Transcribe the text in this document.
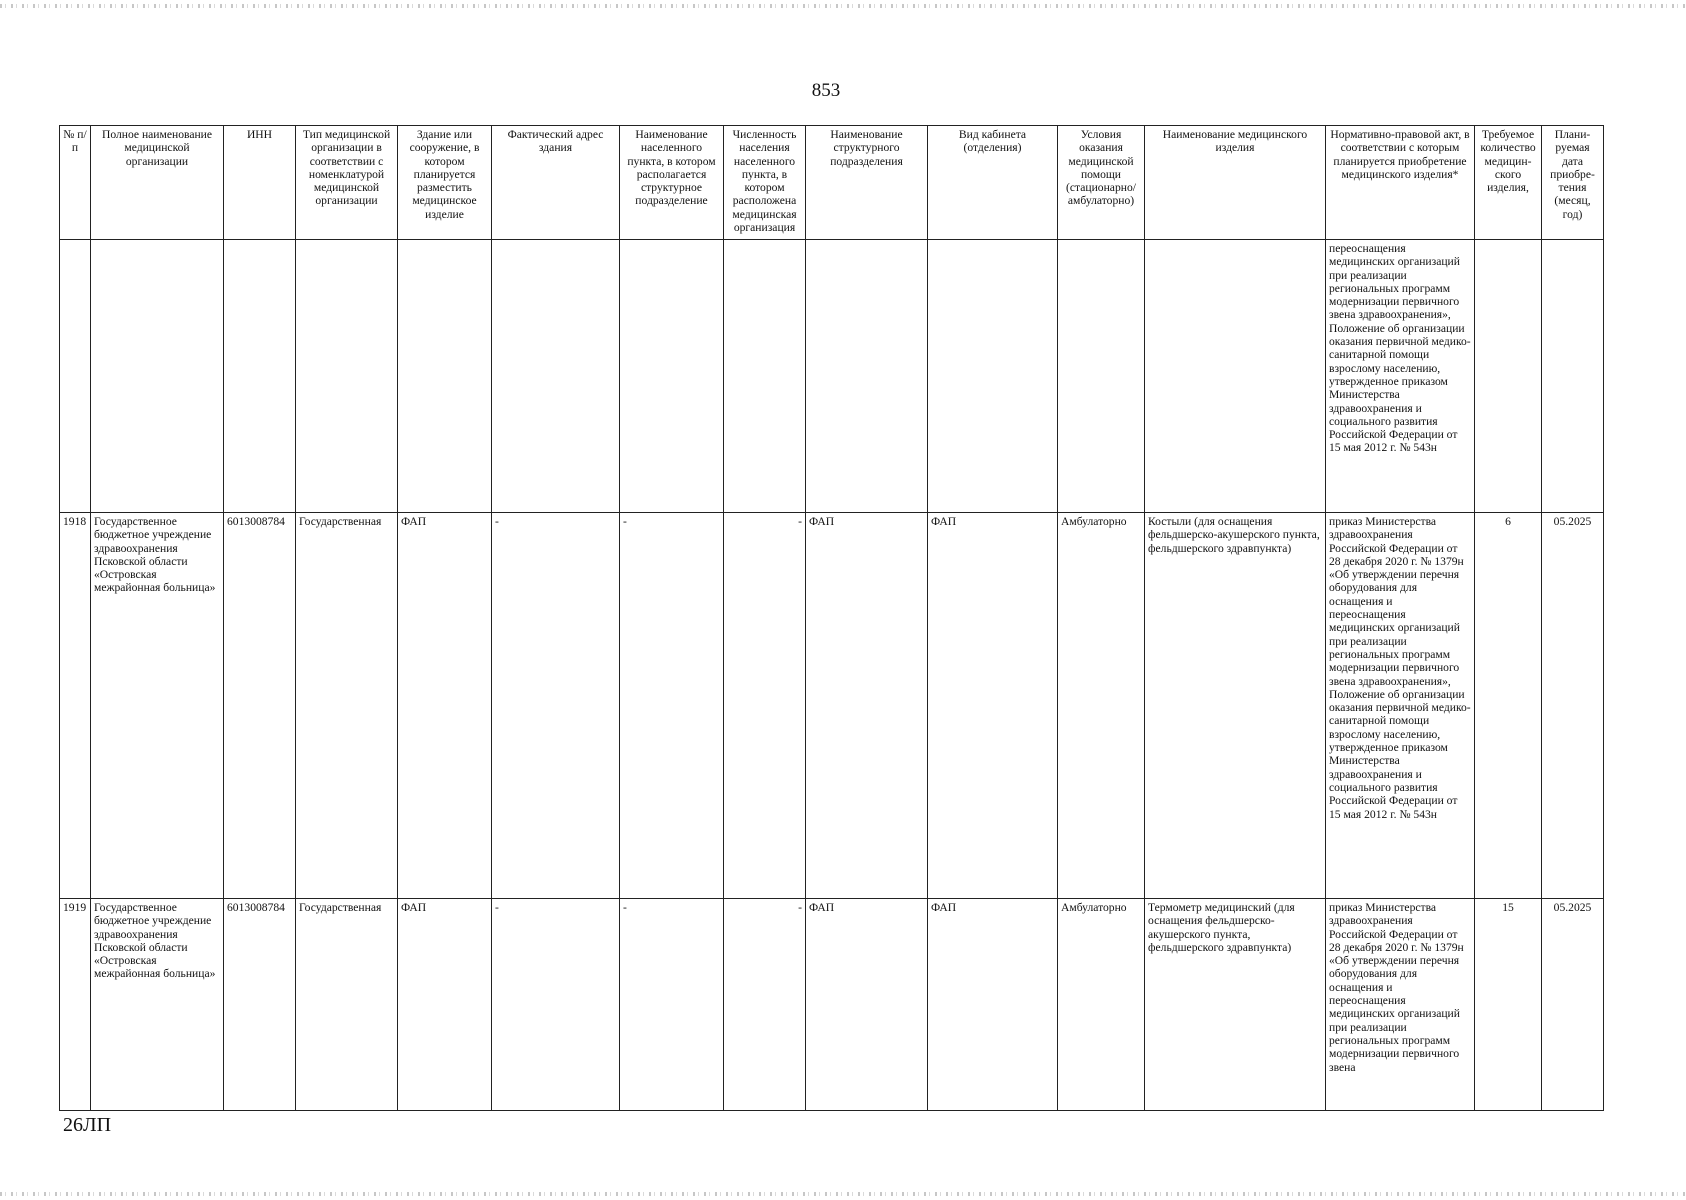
853
№ п/п	Полное наименование медицинской организации	ИНН	Тип медицинской организации в соответствии с номенклатурой медицинской организации	Здание или сооружение, в котором планируется разместить медицинское изделие	Фактический адрес здания	Наименование населенного пункта, в котором располагается структурное подразделение	Численность населения населенного пункта, в котором расположена медицинская организация	Наименование структурного подразделения	Вид кабинета (отделения)	Условия оказания медицинской помощи (стационарно/ амбулаторно)	Наименование медицинского изделия	Нормативно-правовой акт, в соответствии с которым планируется приобретение медицинского изделия*	Требуемое количество медицин-ского изделия,	Плани-руемая дата приобре-тения (месяц, год)
												переоснащения медицинских организаций при реализации региональных программ модернизации первичного звена здравоохранения», Положение об организации оказания первичной медико-санитарной помощи взрослому населению, утвержденное приказом Министерства здравоохранения и социального развития Российской Федерации от 15 мая 2012 г. № 543н		
1918	Государственное бюджетное учреждение здравоохранения Псковской области «Островская межрайонная больница»	6013008784	Государственная	ФАП	-	-	-	ФАП	ФАП	Амбулаторно	Костыли (для оснащения фельдшерско-акушерского пункта, фельдшерского здравпункта)	приказ Министерства здравоохранения Российской Федерации от 28 декабря 2020 г. № 1379н «Об утверждении перечня оборудования для оснащения и переоснащения медицинских организаций при реализации региональных программ модернизации первичного звена здравоохранения», Положение об организации оказания первичной медико-санитарной помощи взрослому населению, утвержденное приказом Министерства здравоохранения и социального развития Российской Федерации от 15 мая 2012 г. № 543н	6	05.2025
1919	Государственное бюджетное учреждение здравоохранения Псковской области «Островская межрайонная больница»	6013008784	Государственная	ФАП	-	-	-	ФАП	ФАП	Амбулаторно	Термометр медицинский (для оснащения фельдшерско-акушерского пункта, фельдшерского здравпункта)	приказ Министерства здравоохранения Российской Федерации от 28 декабря 2020 г. № 1379н «Об утверждении перечня оборудования для оснащения и переоснащения медицинских организаций при реализации региональных программ модернизации первичного звена	15	05.2025
26ЛП
